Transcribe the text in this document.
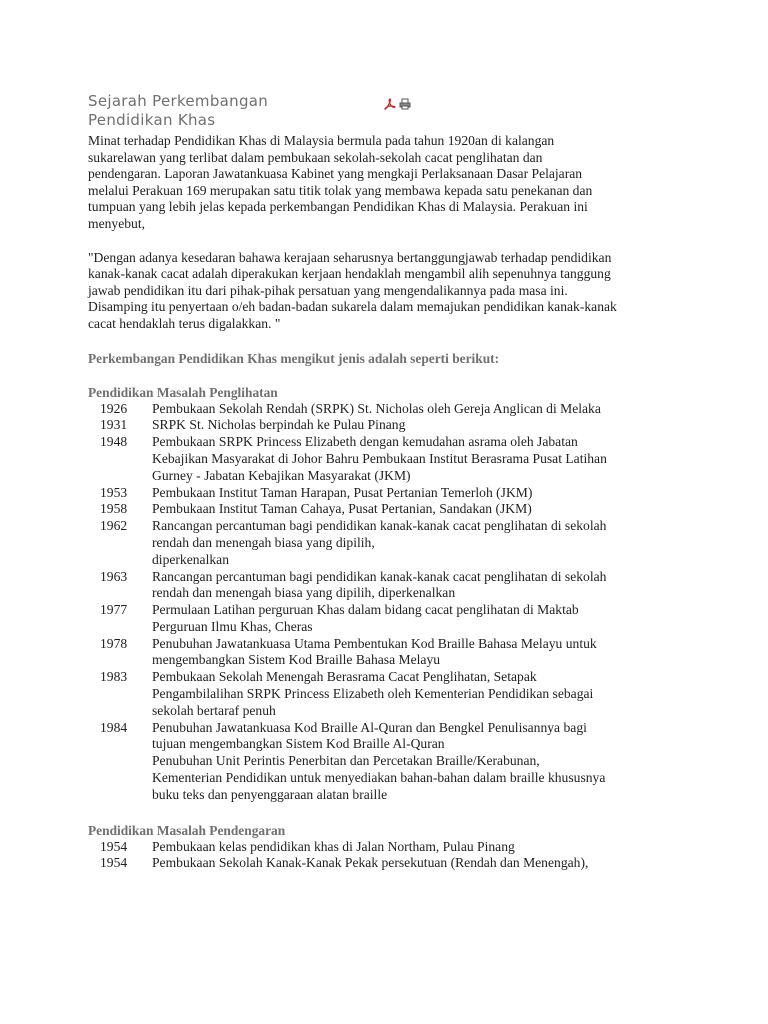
Sejarah Perkembangan
Pendidikan Khas

Minat terhadap Pendidikan Khas di Malaysia bermula pada tahun 1920an di kalangan
sukarelawan yang terlibat dalam pembukaan sekolah-sekolah cacat penglihatan dan
pendengaran. Laporan Jawatankuasa Kabinet yang mengkaji Perlaksanaan Dasar Pelajaran
melalui Perakuan 169 merupakan satu titik tolak yang membawa kepada satu penekanan dan
tumpuan yang lebih jelas kepada perkembangan Pendidikan Khas di Malaysia. Perakuan ini
menyebut,

"Dengan adanya kesedaran bahawa kerajaan seharusnya bertanggungjawab terhadap pendidikan
kanak-kanak cacat adalah diperakukan kerjaan hendaklah mengambil alih sepenuhnya tanggung
jawab pendidikan itu dari pihak-pihak persatuan yang mengendalikannya pada masa ini.
Disamping itu penyertaan o/eh badan-badan sukarela dalam memajukan pendidikan kanak-kanak
cacat hendaklah terus digalakkan. "

Perkembangan Pendidikan Khas mengikut jenis adalah seperti berikut:
Pendidikan Masalah Penglihatan
1926	Pembukaan Sekolah Rendah (SRPK) St. Nicholas oleh Gereja Anglican di Melaka
1931	SRPK St. Nicholas berpindah ke Pulau Pinang
1948	Pembukaan SRPK Princess Elizabeth dengan kemudahan asrama oleh Jabatan
Kebajikan Masyarakat di Johor Bahru Pembukaan Institut Berasrama Pusat Latihan
Gurney - Jabatan Kebajikan Masyarakat (JKM)
1953	Pembukaan Institut Taman Harapan, Pusat Pertanian Temerloh (JKM)
1958	Pembukaan Institut Taman Cahaya, Pusat Pertanian, Sandakan (JKM)
1962	Rancangan percantuman bagi pendidikan kanak-kanak cacat penglihatan di sekolah
rendah dan menengah biasa yang dipilih,
diperkenalkan
1963	Rancangan percantuman bagi pendidikan kanak-kanak cacat penglihatan di sekolah
rendah dan menengah biasa yang dipilih, diperkenalkan
1977	Permulaan Latihan perguruan Khas dalam bidang cacat penglihatan di Maktab
Perguruan Ilmu Khas, Cheras
1978	Penubuhan Jawatankuasa Utama Pembentukan Kod Braille Bahasa Melayu untuk
mengembangkan Sistem Kod Braille Bahasa Melayu
1983	Pembukaan Sekolah Menengah Berasrama Cacat Penglihatan, Setapak
Pengambilalihan SRPK Princess Elizabeth oleh Kementerian Pendidikan sebagai
sekolah bertaraf penuh
1984	Penubuhan Jawatankuasa Kod Braille Al-Quran dan Bengkel Penulisannya bagi
tujuan mengembangkan Sistem Kod Braille Al-Quran
Penubuhan Unit Perintis Penerbitan dan Percetakan Braille/Kerabunan,
Kementerian Pendidikan untuk menyediakan bahan-bahan dalam braille khususnya
buku teks dan penyenggaraan alatan braille
Pendidikan Masalah Pendengaran
1954	Pembukaan kelas pendidikan khas di Jalan Northam, Pulau Pinang
1954	Pembukaan Sekolah Kanak-Kanak Pekak persekutuan (Rendah dan Menengah),
